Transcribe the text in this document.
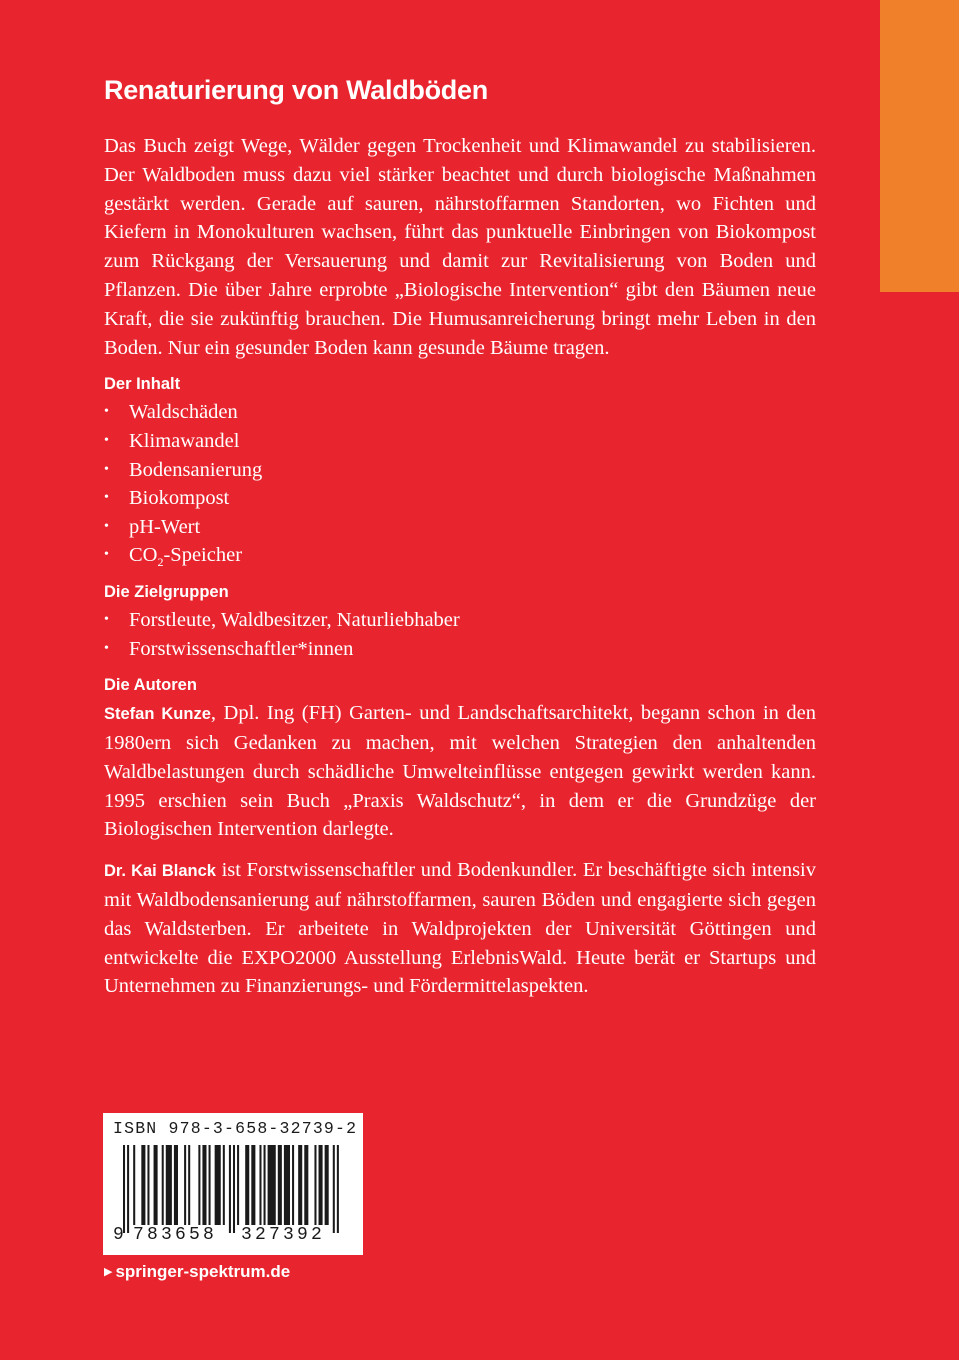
Renaturierung von Waldböden

Das Buch zeigt Wege, Wälder gegen Trockenheit und Klimawandel zu stabilisieren. Der Waldboden muss dazu viel stärker beachtet und durch biologische Maßnahmen gestärkt werden. Gerade auf sauren, nährstoffarmen Standorten, wo Fichten und Kiefern in Monokulturen wachsen, führt das punktuelle Einbringen von Biokompost zum Rückgang der Versauerung und damit zur Revitalisierung von Boden und Pflanzen. Die über Jahre erprobte „Biologische Intervention“ gibt den Bäumen neue Kraft, die sie zukünftig brauchen. Die Humusanreicherung bringt mehr Leben in den Boden. Nur ein gesunder Boden kann gesunde Bäume tragen.

Der Inhalt
• Waldschäden
• Klimawandel
• Bodensanierung
• Biokompost
• pH-Wert
• $CO_2$-Speicher
Die Zielgruppen
• Forstleute, Waldbesitzer, Naturliebhaber
• Forstwissenschaftler*innen
Die Autoren

Stefan Kunze, Dpl. Ing (FH) Garten- und Landschaftsarchitekt, begann schon in den 1980ern sich Gedanken zu machen, mit welchen Strategien den anhaltenden Waldbelastungen durch schädliche Umwelteinflüsse entgegen gewirkt werden kann. 1995 erschien sein Buch „Praxis Waldschutz“, in dem er die Grundzüge der Biologischen Intervention darlegte.

Dr. Kai Blanck ist Forstwissenschaftler und Bodenkundler. Er beschäftigte sich intensiv mit Waldbodensanierung auf nährstoffarmen, sauren Böden und engagierte sich gegen das Waldsterben. Er arbeitete in Waldprojekten der Universität Göttingen und entwickelte die EXPO2000 Ausstellung ErlebnisWald. Heute berät er Startups und Unternehmen zu Finanzierungs- und Fördermittelaspekten.

ISBN 978-3-658-32739-2
9 783658 327392
▶ springer-spektrum.de
